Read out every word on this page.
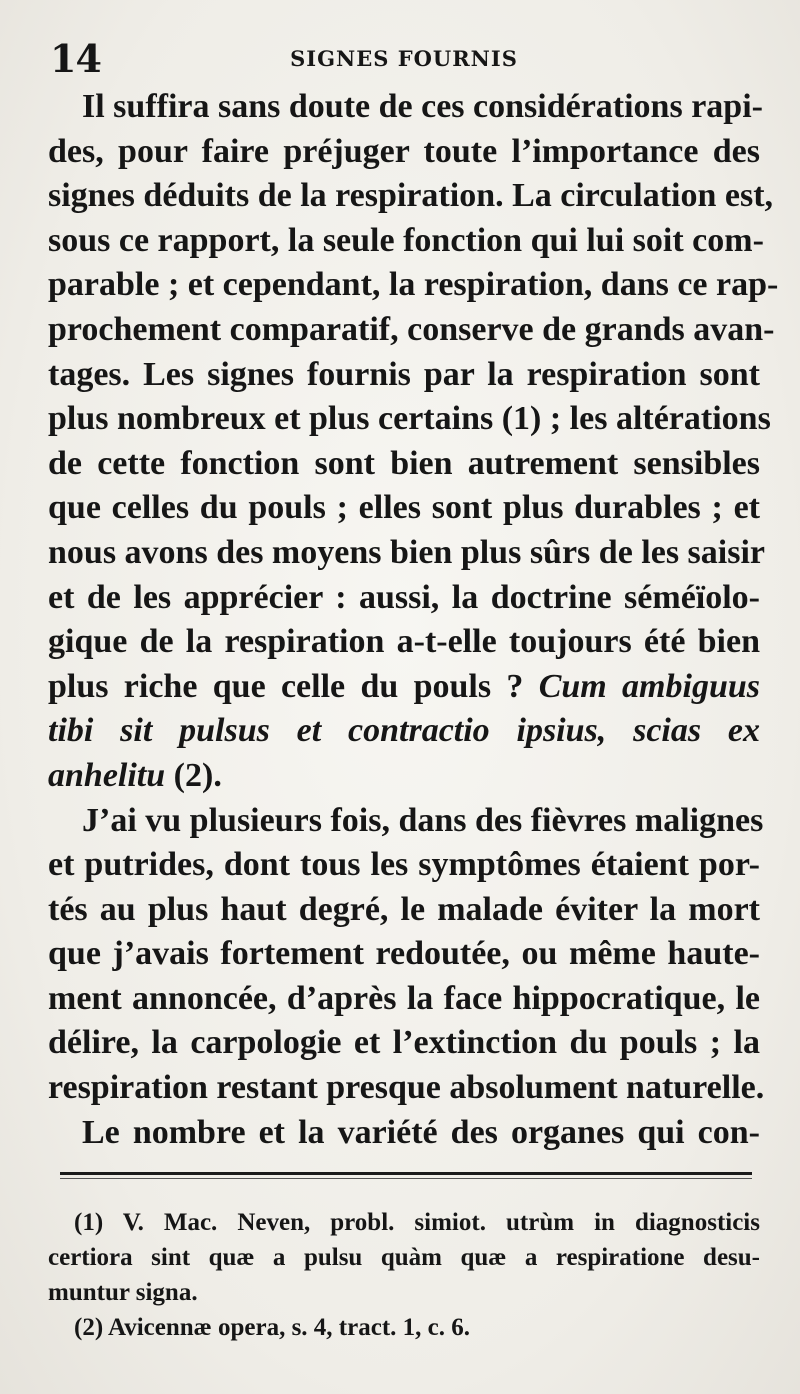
14	SIGNES FOURNIS
Il suffira sans doute de ces considérations rapi-
des, pour faire préjuger toute l’importance des
signes déduits de la respiration. La circulation est,
sous ce rapport, la seule fonction qui lui soit com-
parable ; et cependant, la respiration, dans ce rap-
prochement comparatif, conserve de grands avan-
tages. Les signes fournis par la respiration sont
plus nombreux et plus certains (1) ; les altérations
de cette fonction sont bien autrement sensibles
que celles du pouls ; elles sont plus durables ; et
nous avons des moyens bien plus sûrs de les saisir
et de les apprécier : aussi, la doctrine séméïolo-
gique de la respiration a-t-elle toujours été bien
plus riche que celle du pouls ? Cum ambiguus
tibi sit pulsus et contractio ipsius, scias ex
anhelitu (2).
J’ai vu plusieurs fois, dans des fièvres malignes
et putrides, dont tous les symptômes étaient por-
tés au plus haut degré, le malade éviter la mort
que j’avais fortement redoutée, ou même haute-
ment annoncée, d’après la face hippocratique, le
délire, la carpologie et l’extinction du pouls ; la
respiration restant presque absolument naturelle.
Le nombre et la variété des organes qui con-
(1) V. Mac. Neven, probl. simiot. utrùm in diagnosticis
certiora sint quæ a pulsu quàm quæ a respiratione desu-
muntur signa.
(2) Avicennæ opera, s. 4, tract. 1, c. 6.
